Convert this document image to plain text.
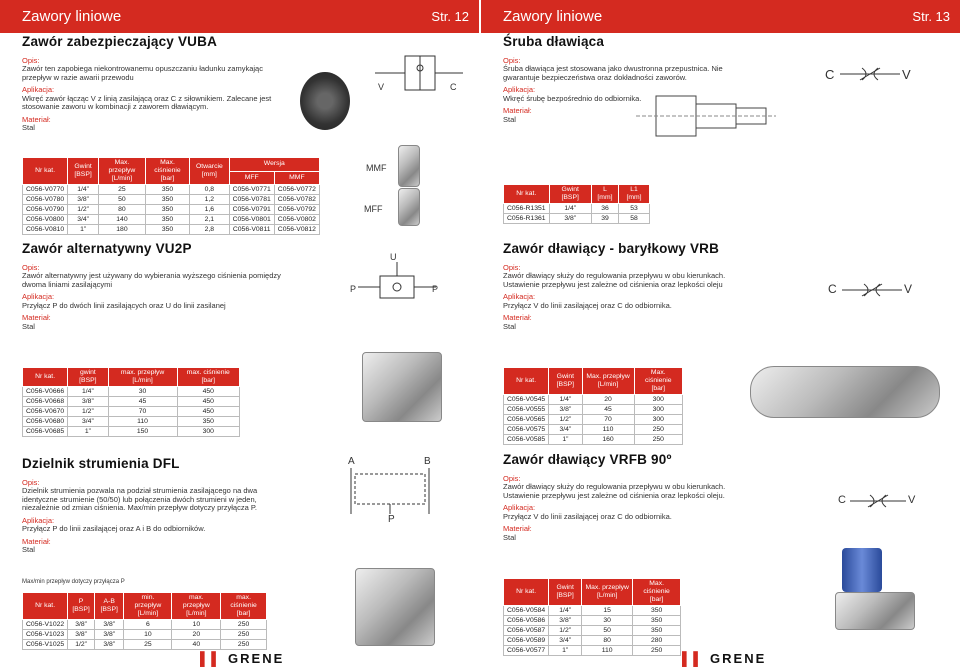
Zawory liniowe	Str. 12 Zawory liniowe	Str. 13
Zawór zabezpieczający VUBA
Opis:
Zawór ten zapobiega niekontrowanemu opuszczaniu ładunku zamykając przepływ w razie awarii przewodu
Aplikacja:
Wkręć zawór łącząc V z linią zasilającą oraz C z siłownikiem. Zalecane jest stosowanie zaworu w kombinacji z zaworem dławiącym.
Materiał:
Stal
V	C
Nr kat.	Gwint [BSP]	Max. przepływ [L/min]	Max. ciśnienie [bar]	Otwarcie [mm]	Wersja	
					MFF	MMF
C056-V0770	1/4”	25	350	0,8	C056-V0771	C056-V0772
C056-V0780	3/8”	50	350	1,2	C056-V0781	C056-V0782
C056-V0790	1/2”	80	350	1,6	C056-V0791	C056-V0792
C056-V0800	3/4”	140	350	2,1	C056-V0801	C056-V0802
C056-V0810	1”	180	350	2,8	C056-V0811	C056-V0812
MMF
MFF
Śruba dławiąca
Opis:
Śruba dławiąca jest stosowana jako dwustronna przepustnica. Nie gwarantuje bezpieczeństwa oraz dokładności zaworów.
Aplikacja:
Wkręć śrubę bezpośrednio do odbiornika.
Materiał:
Stal
C	V
Nr kat.	Gwint [BSP]	L [mm]	L1 [mm]
C056-R1351	1/4”	36	53
C056-R1361	3/8”	39	58
Zawór alternatywny VU2P
Opis:
Zawór alternatywny jest używany do wybierania wyższego ciśnienia pomiędzy dwoma liniami zasilającymi
Aplikacja:
Przyłącz P do dwóch linii zasilających oraz U do linii zasilanej
Materiał:
Stal
U
P	P
Nr kat.	gwint [BSP]	max. przepływ [L/min]	max. ciśnienie [bar]
C056-V0666	1/4”	30	450
C056-V0668	3/8”	45	450
C056-V0670	1/2”	70	450
C056-V0680	3/4”	110	350
C056-V0685	1”	150	300
Zawór dławiący - baryłkowy VRB
Opis:
Zawór dławiący służy do regulowania przepływu w obu kierunkach. Ustawienie przepływu jest zależne od ciśnienia oraz lepkości oleju
Aplikacja:
Przyłącz V do linii zasilającej oraz C do odbiornika.
Materiał:
Stal
C	V
Nr kat.	Gwint [BSP]	Max. przepływ [L/min]	Max. ciśnienie [bar]
C056-V0545	1/4”	20	300
C056-V0555	3/8”	45	300
C056-V0565	1/2”	70	300
C056-V0575	3/4”	110	250
C056-V0585	1”	160	250
Dzielnik strumienia DFL
Opis:
Dzielnik strumienia pozwala na podział strumienia zasilającego na dwa identyczne strumienie (50/50) lub połączenia dwóch strumieni w jeden, niezależnie od zmian ciśnienia. Max/min przepływ dotyczy przyłącza P.
Aplikacja:
Przyłącz P do linii zasilającej oraz A i B do odbiorników.
Materiał:
Stal
A	B
P
Max/min przepływ dotyczy przyłącza P
Nr kat.	P [BSP]	A-B [BSP]	min. przepływ [L/min]	max. przepływ [L/min]	max. ciśnienie [bar]
C056-V1022	3/8”	3/8”	6	10	250
C056-V1023	3/8”	3/8”	10	20	250
C056-V1025	1/2”	3/8”	25	40	250
Zawór dławiący VRFB 90º
Opis:
Zawór dławiący służy do regulowania przepływu w obu kierunkach. Ustawienie przepływu jest zależne od ciśnienia oraz lepkości oleju.
Aplikacja:
Przyłącz V do linii zasilającej oraz C do odbiornika.
Materiał:
Stal
C	V
Nr kat.	Gwint [BSP]	Max. przepływ [L/min]	Max. ciśnienie [bar]
C056-V0584	1/4”	15	350
C056-V0586	3/8”	30	350
C056-V0587	1/2”	50	350
C056-V0589	3/4”	80	280
C056-V0577	1”	110	250
▌▌ GRENE	▌▌ GRENE
